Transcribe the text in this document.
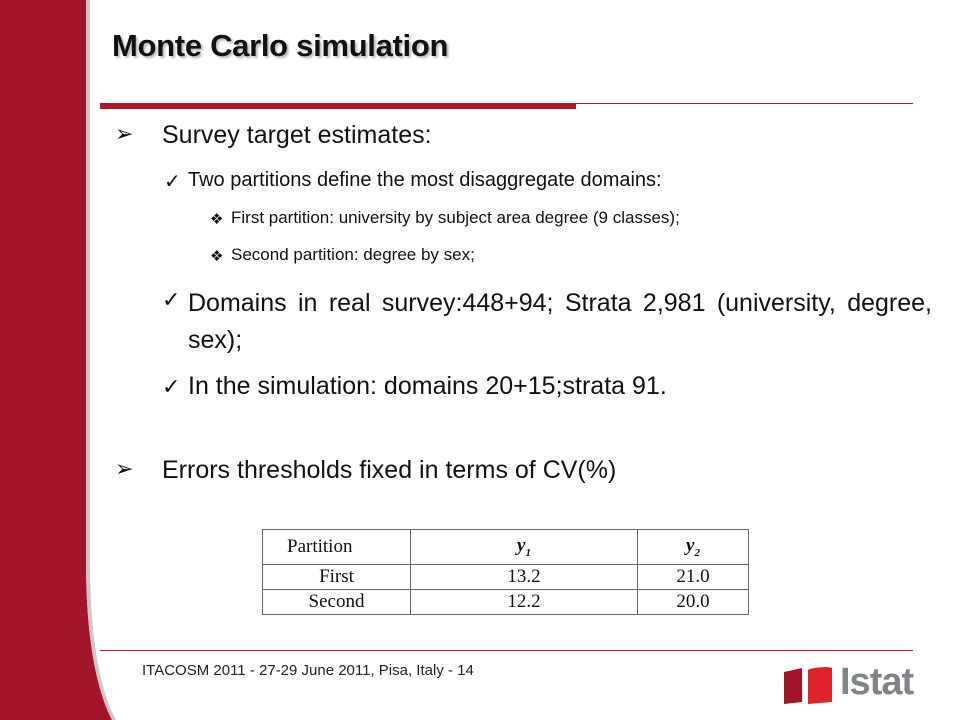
Monte Carlo simulation
➢ Survey target estimates:
✓ Two partitions define the most disaggregate domains:
❖ First partition: university by subject area degree (9 classes);
❖ Second partition: degree by sex;
✓ Domains in real survey:448+94; Strata 2,981 (university, degree, sex);
✓ In the simulation: domains 20+15;strata 91.
➢ Errors thresholds fixed in terms of CV(%)
Partition	$y_1$	$y_2$
First	13.2	21.0
Second	12.2	20.0
ITACOSM 2011 - 27-29 June 2011, Pisa, Italy - 14	Istat
